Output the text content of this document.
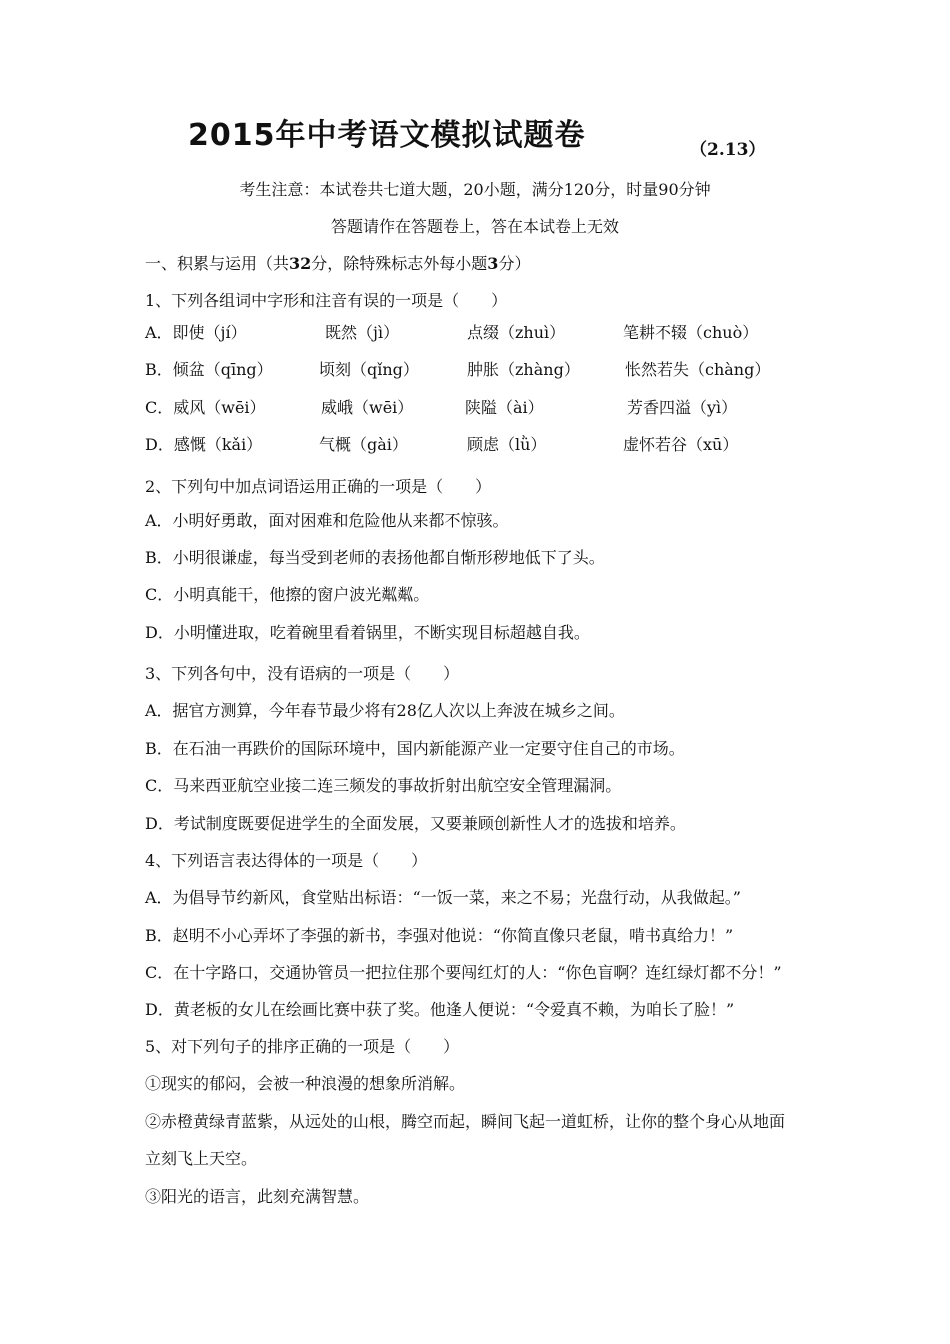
2015年中考语文模拟试题卷	（2.13）
考生注意：本试卷共七道大题，20小题，满分120分，时量90分钟
答题请作在答题卷上，答在本试卷上无效
一、积累与运用（共32分，除特殊标志外每小题3分）
1、下列各组词中字形和注音有误的一项是（　　）
A．即使（jí）	既然（jì）	点缀（zhuì）	笔耕不辍（chuò）
B．倾盆（qīng）	顷刻（qǐng）	肿胀（zhàng）	怅然若失（chàng）
C．威风（wēi）	威峨（wēi）	陕隘（ài）	芳香四溢（yì）
D．感慨（kǎi）	气概（gài）	顾虑（lǜ）	虚怀若谷（xū）
2、下列句中加点词语运用正确的一项是（　　）
A．小明好勇敢，面对困难和危险他从来都不惊骇。
B．小明很谦虚，每当受到老师的表扬他都自惭形秽地低下了头。
C．小明真能干，他擦的窗户波光粼粼。
D．小明懂进取，吃着碗里看着锅里，不断实现目标超越自我。
3、下列各句中，没有语病的一项是（　　）
A．据官方测算，今年春节最少将有28亿人次以上奔波在城乡之间。
B．在石油一再跌价的国际环境中，国内新能源产业一定要守住自己的市场。
C．马来西亚航空业接二连三频发的事故折射出航空安全管理漏洞。
D．考试制度既要促进学生的全面发展，又要兼顾创新性人才的选拔和培养。
4、下列语言表达得体的一项是（　　）
A．为倡导节约新风，食堂贴出标语：“一饭一菜，来之不易；光盘行动，从我做起。”
B．赵明不小心弄坏了李强的新书，李强对他说：“你简直像只老鼠，啃书真给力！”
C．在十字路口，交通协管员一把拉住那个要闯红灯的人：“你色盲啊？连红绿灯都不分！”
D．黄老板的女儿在绘画比赛中获了奖。他逢人便说：“令爱真不赖，为咱长了脸！”
5、对下列句子的排序正确的一项是（　　）
①现实的郁闷，会被一种浪漫的想象所消解。
②赤橙黄绿青蓝紫，从远处的山根，腾空而起，瞬间飞起一道虹桥，让你的整个身心从地面
立刻飞上天空。
③阳光的语言，此刻充满智慧。
